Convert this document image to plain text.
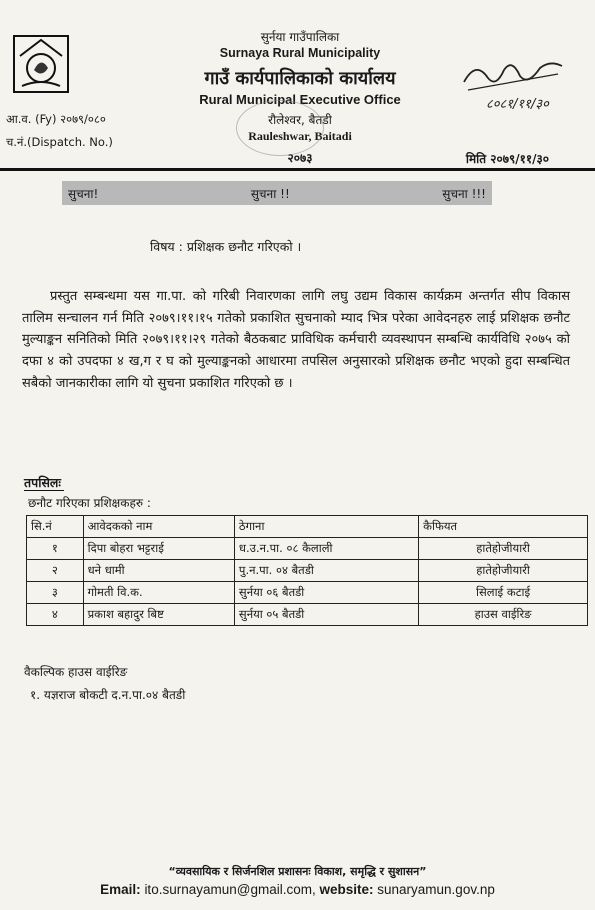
सुर्नया गाउँपालिका
Surnaya Rural Municipality
गाउँ कार्यपालिकाको कार्यालय
Rural Municipal Executive Office
रौलेश्वर, बैतडी
Rauleshwar, Baitadi
२०७३
८०८१/११/३०
आ.व. (Fy) २०७९/०८०
च.नं.(Dispatch. No.)
मिति २०७९/११/३०
सुचना!	सुचना !!	सुचना !!!
विषय : प्रशिक्षक छनौट गरिएको ।
प्रस्तुत सम्बन्धमा यस गा.पा. को गरिबी निवारणका लागि लघु उद्यम विकास कार्यक्रम अन्तर्गत सीप विकास तालिम सन्चालन गर्न मिति २०७९।११।१५ गतेको प्रकाशित सुचनाको म्याद भित्र परेका आवेदनहरु लाई प्रशिक्षक छनौट मुल्याङ्कन सनितिको मिति २०७९।११।२९ गतेको बैठकबाट प्राविधिक कर्मचारी व्यवस्थापन सम्बन्धि कार्यविधि २०७५ को दफा ४ को उपदफा ४ ख,ग र घ को मुल्याङ्कनको आधारमा तपसिल अनुसारको प्रशिक्षक छनौट भएको हुदा सम्बन्धित सबैको जानकारीका लागि यो सुचना प्रकाशित गरिएको छ ।
तपसिलः
छनौट गरिएका प्रशिक्षकहरु :
सि.नं	आवेदकको नाम	ठेगाना	कैफियत
१	दिपा बोहरा भट्टराई	ध.उ.न.पा. ०८ कैलाली	हातेहोजीयारी
२	धने धामी	पु.न.पा. ०४ बैतडी	हातेहोजीयारी
३	गोमती वि.क.	सुर्नया ०६ बैतडी	सिलाई कटाई
४	प्रकाश बहादुर बिष्ट	सुर्नया ०५ बैतडी	हाउस वाईरिङ
वैकल्पिक हाउस वाईरिङ
१. यज्ञराज बोकटी द.न.पा.०४ बैतडी
“व्यवसायिक र सिर्जनशिल प्रशासनः विकाश, समृद्धि र सुशासन”
Email: ito.surnayamun@gmail.com, website: sunaryamun.gov.np
